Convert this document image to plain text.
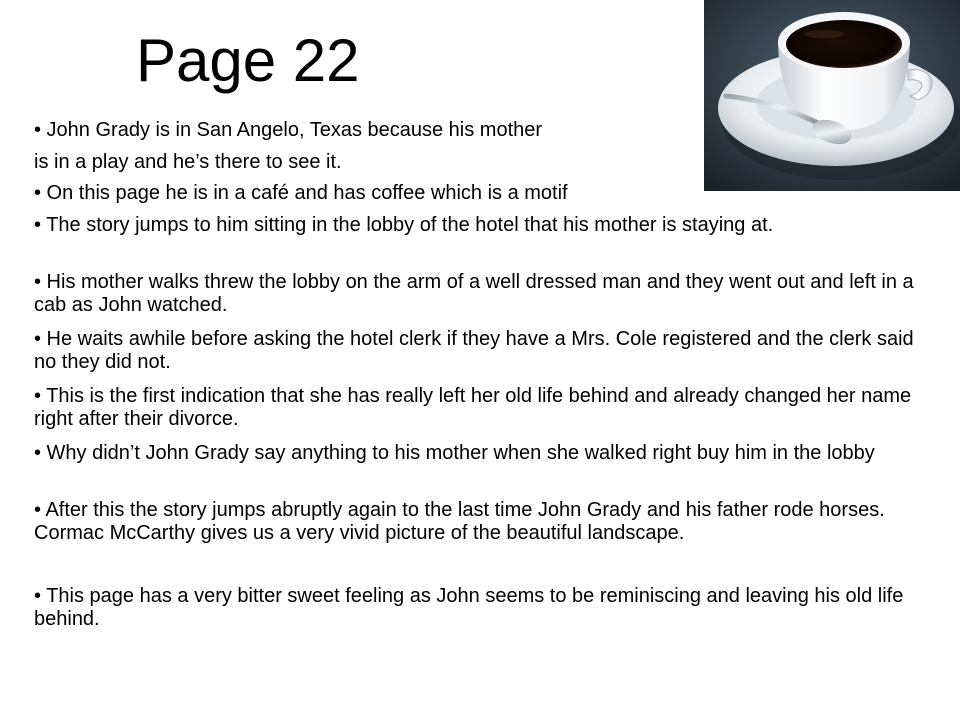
Page 22

• John Grady is in San Angelo, Texas because his mother

is in a play and he’s there to see it.

• On this page he is in a café and has coffee which is a motif

• The story jumps to him sitting in the lobby of the hotel that his mother is staying at.

• His mother walks threw the lobby on the arm of a well dressed man and they went out and left in a cab as John watched.

• He waits awhile before asking the hotel clerk if they have a Mrs. Cole registered and the clerk said no they did not.

• This is the first indication that she has really left her old life behind and already changed her name right after their divorce.

• Why didn’t John Grady say anything to his mother when she walked right buy him in the lobby

• After this the story jumps abruptly again to the last time John Grady and his father rode horses. Cormac McCarthy gives us a very vivid picture of the beautiful landscape.

• This page has a very bitter sweet feeling as John seems to be reminiscing and leaving his old life behind.
